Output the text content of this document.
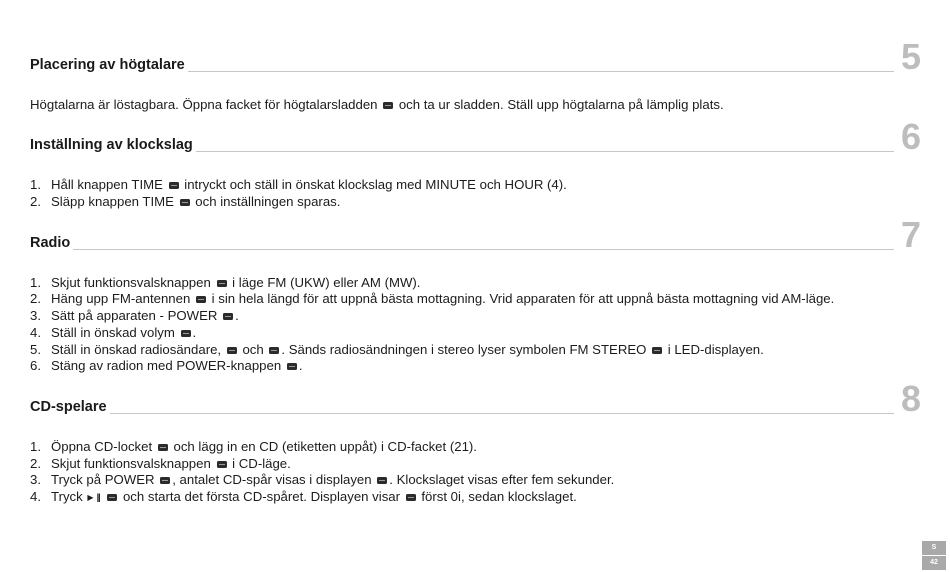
Placering av högtalare	5
Högtalarna är löstagbara. Öppna facket för högtalarsladden och ta ur sladden. Ställ upp högtalarna på lämplig plats.
Inställning av klockslag	6
1. Håll knappen TIME intryckt och ställ in önskat klockslag med MINUTE och HOUR (4).
2. Släpp knappen TIME och inställningen sparas.
Radio	7
1. Skjut funktionsvalsknappen i läge FM (UKW) eller AM (MW).
2. Häng upp FM-antennen i sin hela längd för att uppnå bästa mottagning. Vrid apparaten för att uppnå bästa mottagning vid AM-läge.
3. Sätt på apparaten - POWER .
4. Ställ in önskad volym .
5. Ställ in önskad radiosändare, och . Sänds radiosändningen i stereo lyser symbolen FM STEREO i LED-displayen.
6. Stäng av radion med POWER-knappen .
CD-spelare	8
1. Öppna CD-locket och lägg in en CD (etiketten uppåt) i CD-facket (21).
2. Skjut funktionsvalsknappen i CD-läge.
3. Tryck på POWER , antalet CD-spår visas i displayen . Klockslaget visas efter fem sekunder.
4. Tryck ▶ || och starta det första CD-spåret. Displayen visar först 0i, sedan klockslaget.
S
42
